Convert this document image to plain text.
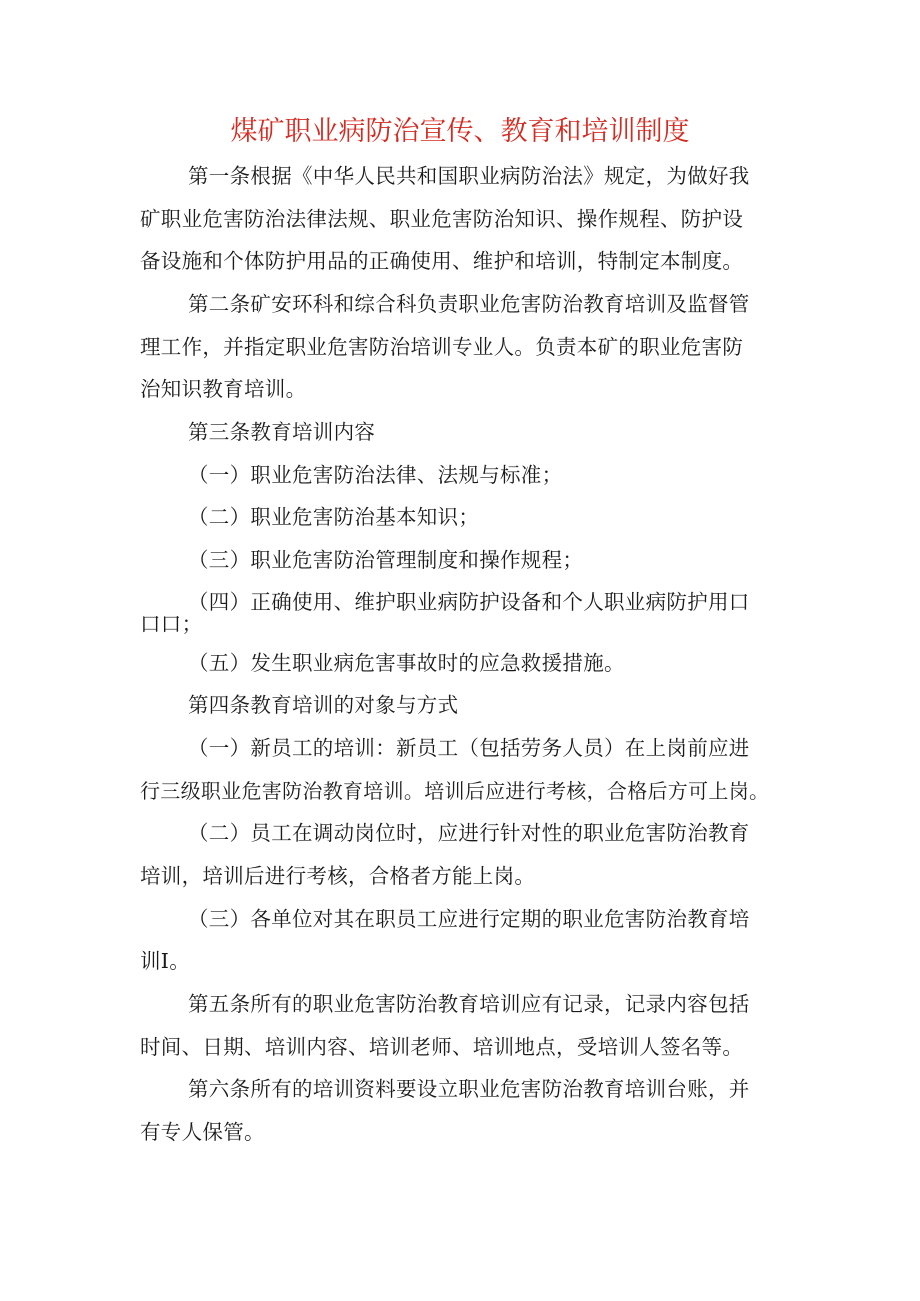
煤矿职业病防治宣传、教育和培训制度
第一条根据《中华人民共和国职业病防治法》规定，为做好我
矿职业危害防治法律法规、职业危害防治知识、操作规程、防护设
备设施和个体防护用品的正确使用、维护和培训，特制定本制度。
第二条矿安环科和综合科负责职业危害防治教育培训及监督管
理工作，并指定职业危害防治培训专业人。负责本矿的职业危害防
治知识教育培训。
第三条教育培训内容
（一）职业危害防治法律、法规与标准；
（二）职业危害防治基本知识；
（三）职业危害防治管理制度和操作规程；
（四）正确使用、维护职业病防护设备和个人职业病防护用口
口口；
（五）发生职业病危害事故时的应急救援措施。
第四条教育培训的对象与方式
（一）新员工的培训：新员工（包括劳务人员）在上岗前应进
行三级职业危害防治教育培训。培训后应进行考核，合格后方可上岗。
（二）员工在调动岗位时，应进行针对性的职业危害防治教育
培训，培训后进行考核，合格者方能上岗。
（三）各单位对其在职员工应进行定期的职业危害防治教育培
训I。
第五条所有的职业危害防治教育培训应有记录，记录内容包括
时间、日期、培训内容、培训老师、培训地点，受培训人签名等。
第六条所有的培训资料要设立职业危害防治教育培训台账，并
有专人保管。
